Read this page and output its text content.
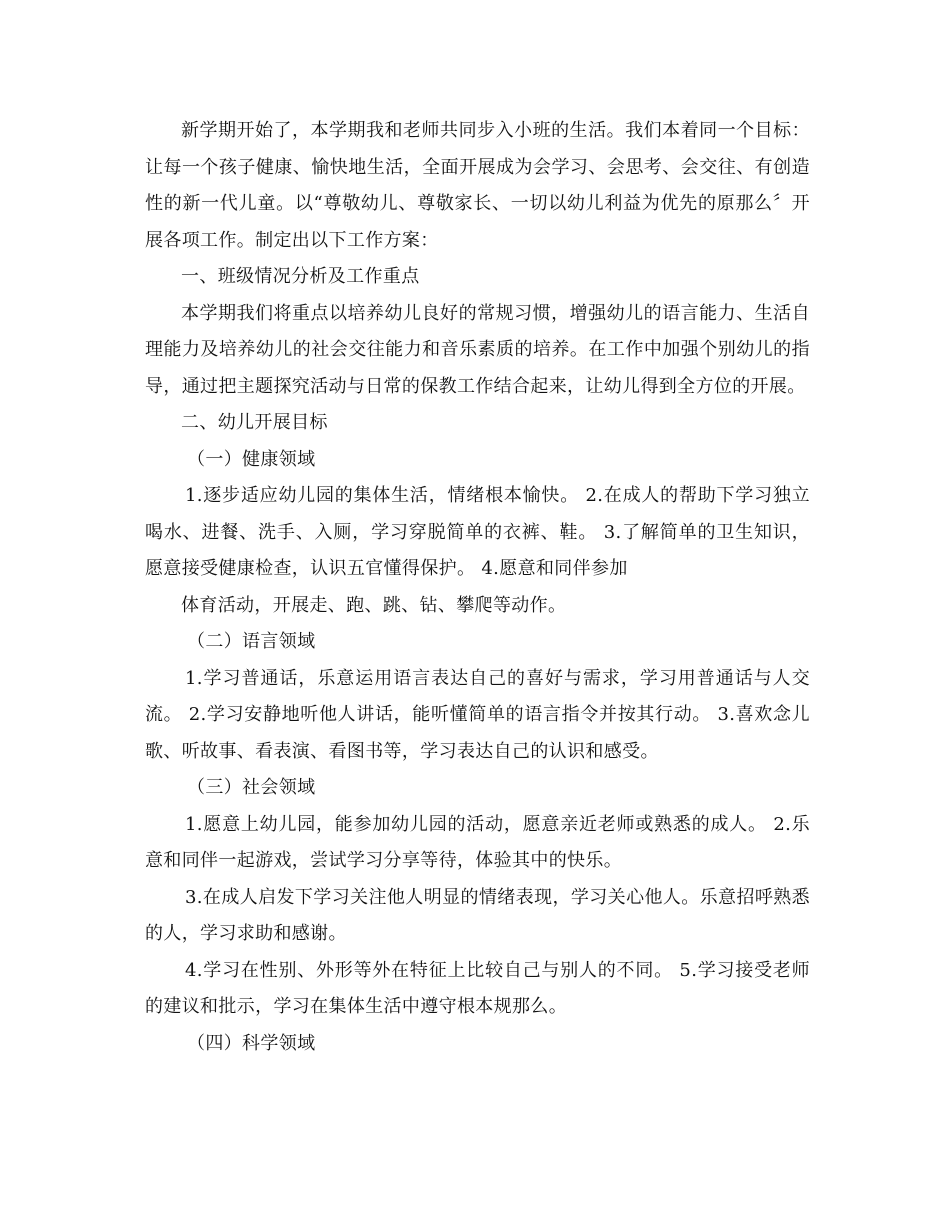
新学期开始了，本学期我和老师共同步入小班的生活。我们本着同一个目标：让每一个孩子健康、愉快地生活，全面开展成为会学习、会思考、会交往、有创造性的新一代儿童。以“尊敬幼儿、尊敬家长、一切以幼儿利益为优先的原那么〞开展各项工作。制定出以下工作方案：

一、班级情况分析及工作重点

本学期我们将重点以培养幼儿良好的常规习惯，增强幼儿的语言能力、生活自理能力及培养幼儿的社会交往能力和音乐素质的培养。在工作中加强个别幼儿的指导，通过把主题探究活动与日常的保教工作结合起来，让幼儿得到全方位的开展。

二、幼儿开展目标

（一）健康领域

1.逐步适应幼儿园的集体生活，情绪根本愉快。 2.在成人的帮助下学习独立喝水、进餐、洗手、入厕，学习穿脱简单的衣裤、鞋。 3.了解简单的卫生知识，愿意接受健康检查，认识五官懂得保护。 4.愿意和同伴参加

体育活动，开展走、跑、跳、钻、攀爬等动作。

（二）语言领域

1.学习普通话，乐意运用语言表达自己的喜好与需求，学习用普通话与人交流。 2.学习安静地听他人讲话，能听懂简单的语言指令并按其行动。 3.喜欢念儿歌、听故事、看表演、看图书等，学习表达自己的认识和感受。

（三）社会领域

1.愿意上幼儿园，能参加幼儿园的活动，愿意亲近老师或熟悉的成人。 2.乐意和同伴一起游戏，尝试学习分享等待，体验其中的快乐。

3.在成人启发下学习关注他人明显的情绪表现，学习关心他人。乐意招呼熟悉的人，学习求助和感谢。

4.学习在性别、外形等外在特征上比较自己与别人的不同。 5.学习接受老师的建议和批示，学习在集体生活中遵守根本规那么。

（四）科学领域
